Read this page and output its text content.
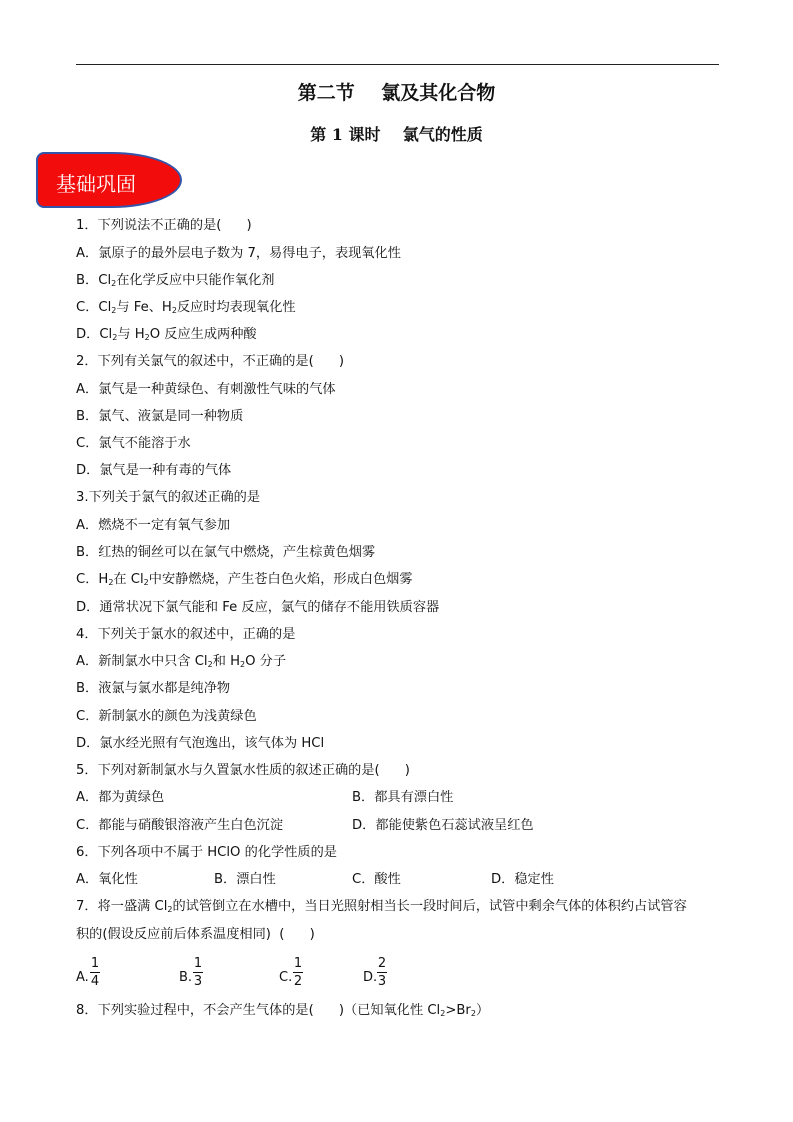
第二节    氯及其化合物
第 1 课时    氯气的性质
基础巩固
1．下列说法不正确的是(      )
A．氯原子的最外层电子数为 7，易得电子，表现氧化性
B．$Cl_2$在化学反应中只能作氧化剂
C．$Cl_2$与 Fe、$H_2$反应时均表现氧化性
D．$Cl_2$与 $H_2O$ 反应生成两种酸
2．下列有关氯气的叙述中，不正确的是(      )
A．氯气是一种黄绿色、有刺激性气味的气体
B．氯气、液氯是同一种物质
C．氯气不能溶于水
D．氯气是一种有毒的气体
3.下列关于氯气的叙述正确的是
A．燃烧不一定有氧气参加
B．红热的铜丝可以在氯气中燃烧，产生棕黄色烟雾
C．$H_2$在 $Cl_2$中安静燃烧，产生苍白色火焰，形成白色烟雾
D．通常状况下氯气能和 Fe 反应，氯气的储存不能用铁质容器
4．下列关于氯水的叙述中，正确的是
A．新制氯水中只含 $Cl_2$和 $H_2O$ 分子
B．液氯与氯水都是纯净物
C．新制氯水的颜色为浅黄绿色
D．氯水经光照有气泡逸出，该气体为 HCl
5．下列对新制氯水与久置氯水性质的叙述正确的是(      )
A．都为黄绿色	B．都具有漂白性
C．都能与硝酸银溶液产生白色沉淀	D．都能使紫色石蕊试液呈红色
6．下列各项中不属于 HClO 的化学性质的是
A．氧化性	B．漂白性	C．酸性	D．稳定性
7．将一盛满 $Cl_2$的试管倒立在水槽中，当日光照射相当长一段时间后，试管中剩余气体的体积约占试管容
积的(假设反应前后体系温度相同)  (      )
A.
1
4	B.
1
3	C.
1
2	D.
2
3
8．下列实验过程中，不会产生气体的是(      )（已知氧化性 $Cl_2>Br_2$）
